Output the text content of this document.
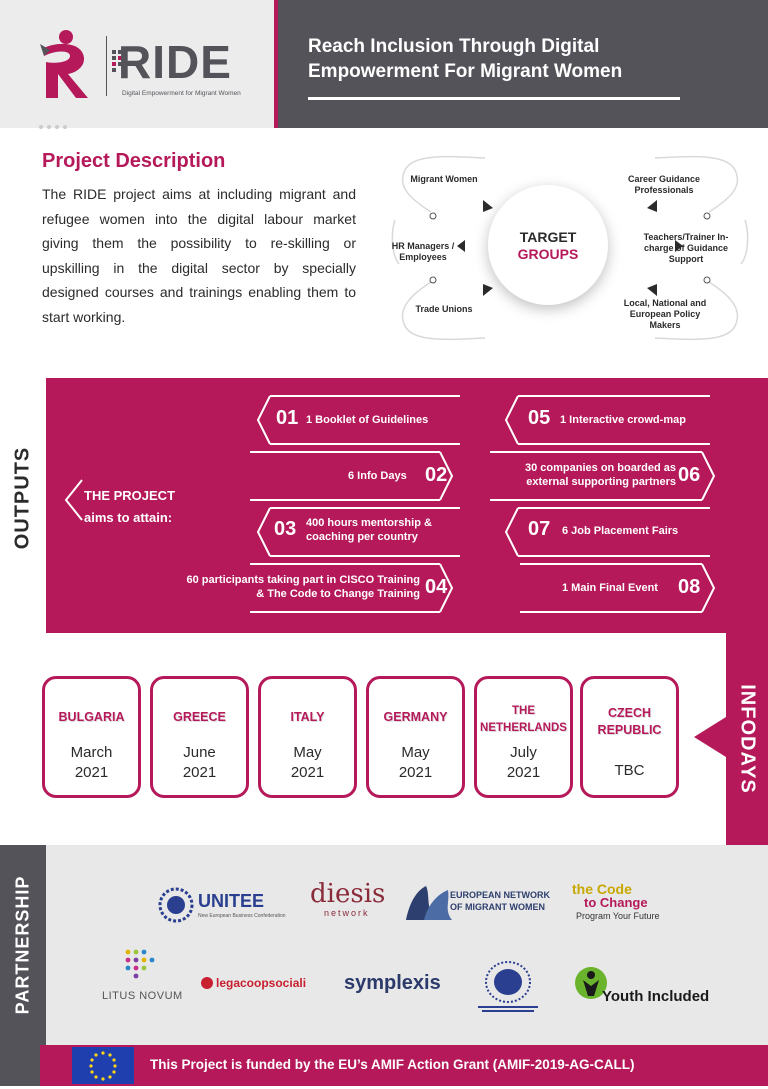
RIDE
Digital Empowerment for Migrant Women
Reach Inclusion Through Digital Empowerment For Migrant Women
Project Description
The RIDE project aims at including migrant and refugee women into the digital labour market giving them the possibility to re-skilling or upskilling in the digital sector by specially designed courses and trainings enabling them to start working.
TARGET
GROUPS
Migrant Women
HR Managers / Employees
Trade Unions
Career Guidance Professionals
Teachers/Trainer In-charge of Guidance Support
Local, National and European Policy Makers
OUTPUTS	THE PROJECT
aims to attain:
01 1 Booklet of Guidelines
6 Info Days 02
03 400 hours mentorship & coaching per country
60 participants taking part in CISCO Training & The Code to Change Training 04
05 1 Interactive crowd-map
30 companies on boarded as external supporting partners 06
07 6 Job Placement Fairs
1 Main Final Event 08
BULGARIA
March 2021
GREECE
June 2021
ITALY
May 2021
GERMANY
May 2021
THE NETHERLANDS
July 2021
CZECH REPUBLIC
TBC	INFODAYS
PARTNERSHIP	UNITEE
New European Business Confederation
diesis
network
EUROPEAN NETWORK
OF MIGRANT WOMEN
the Code
to Change
Program Your Future
LITUS NOVUM
legacoopsociali symplexis
Youth Included
This Project is funded by the EU’s AMIF Action Grant (AMIF-2019-AG-CALL)
